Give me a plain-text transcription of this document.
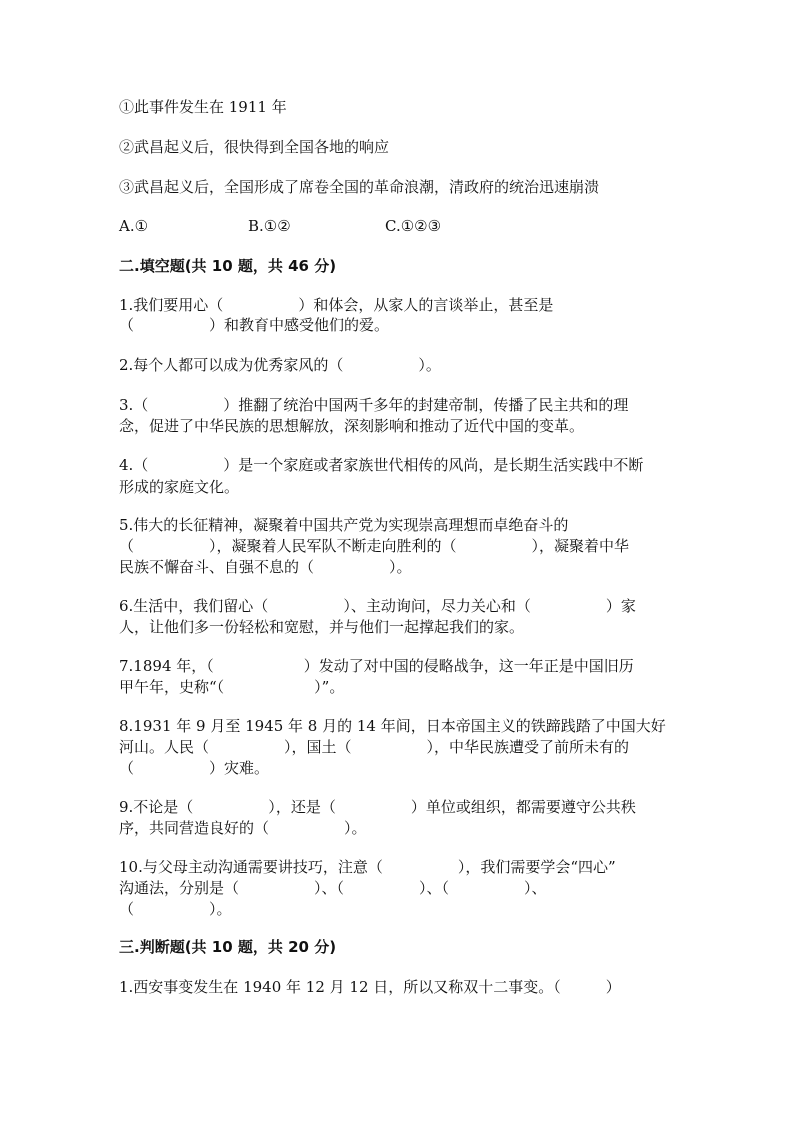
①此事件发生在 1911 年
②武昌起义后，很快得到全国各地的响应
③武昌起义后，全国形成了席卷全国的革命浪潮，清政府的统治迅速崩溃
A.①	B.①②	C.①②③
二.填空题(共 10 题，共 46 分)
1.我们要用心（　　　　　）和体会，从家人的言谈举止，甚至是
（　　　　　）和教育中感受他们的爱。
2.每个人都可以成为优秀家风的（　　　　　）。
3.（　　　　　）推翻了统治中国两千多年的封建帝制，传播了民主共和的理
念，促进了中华民族的思想解放，深刻影响和推动了近代中国的变革。
4.（　　　　　）是一个家庭或者家族世代相传的风尚，是长期生活实践中不断
形成的家庭文化。
5.伟大的长征精神，凝聚着中国共产党为实现崇高理想而卓绝奋斗的
（　　　　　），凝聚着人民军队不断走向胜利的（　　　　　），凝聚着中华
民族不懈奋斗、自强不息的（　　　　　）。
6.生活中，我们留心（　　　　　）、主动询问，尽力关心和（　　　　　）家
人，让他们多一份轻松和宽慰，并与他们一起撑起我们的家。
7.1894 年，（　　　　　　）发动了对中国的侵略战争，这一年正是中国旧历
甲午年，史称“（　　　　　　）”。
8.1931 年 9 月至 1945 年 8 月的 14 年间，日本帝国主义的铁蹄践踏了中国大好
河山。人民（　　　　　），国土（　　　　　），中华民族遭受了前所未有的
（　　　　　）灾难。
9.不论是（　　　　　），还是（　　　　　）单位或组织，都需要遵守公共秩
序，共同营造良好的（　　　　　）。
10.与父母主动沟通需要讲技巧，注意（　　　　　），我们需要学会“四心”
沟通法，分别是（　　　　　）、（　　　　　）、（　　　　　）、
（　　　　　）。
三.判断题(共 10 题，共 20 分)
1.西安事变发生在 1940 年 12 月 12 日，所以又称双十二事变。（　　　）
